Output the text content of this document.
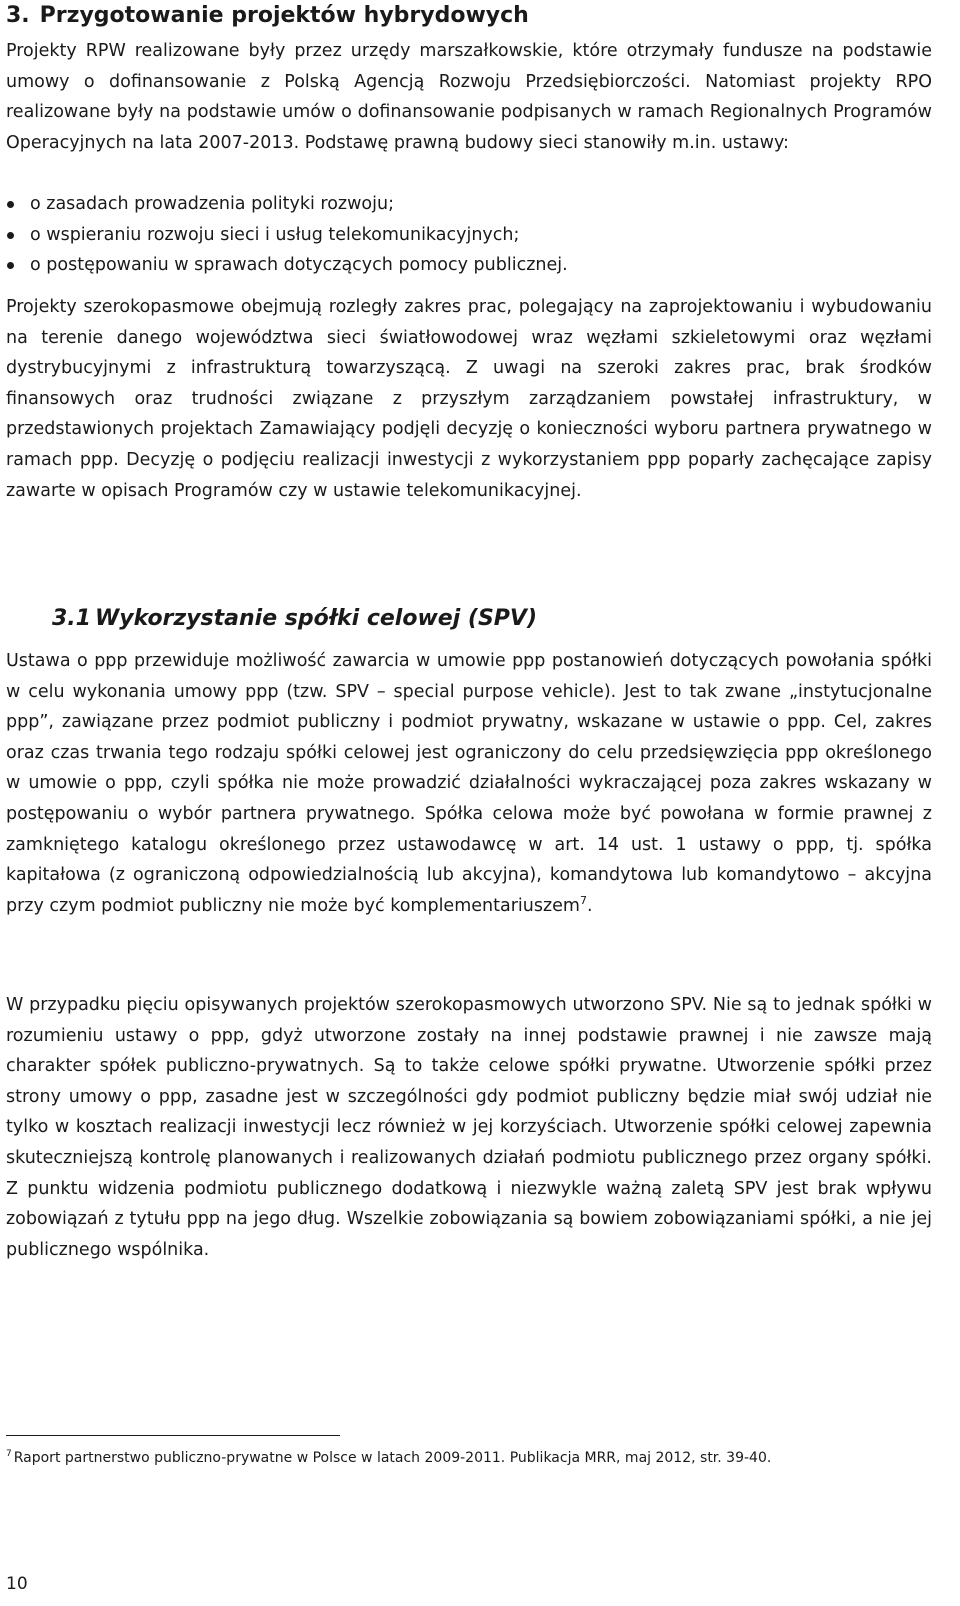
3. Przygotowanie projektów hybrydowych

Projekty RPW realizowane były przez urzędy marszałkowskie, które otrzymały fundusze na podstawie umowy o dofinansowanie z Polską Agencją Rozwoju Przedsiębiorczości. Natomiast projekty RPO realizowane były na podstawie umów o dofinansowanie podpisanych w ramach Regionalnych Programów Operacyjnych na lata 2007-2013. Podstawę prawną budowy sieci stanowiły m.in. ustawy:

o zasadach prowadzenia polityki rozwoju;
o wspieraniu rozwoju sieci i usług telekomunikacyjnych;
o postępowaniu w sprawach dotyczących pomocy publicznej.

Projekty szerokopasmowe obejmują rozległy zakres prac, polegający na zaprojektowaniu i wybudowaniu na terenie danego województwa sieci światłowodowej wraz węzłami szkieletowymi oraz węzłami dystrybucyjnymi z infrastrukturą towarzyszącą. Z uwagi na szeroki zakres prac, brak środków finansowych oraz trudności związane z przyszłym zarządzaniem powstałej infrastruktury, w przedstawionych projektach Zamawiający podjęli decyzję o konieczności wyboru partnera prywatnego w ramach ppp. Decyzję o podjęciu realizacji inwestycji z wykorzystaniem ppp poparły zachęcające zapisy zawarte w opisach Programów czy w ustawie telekomunikacyjnej.

3.1 Wykorzystanie spółki celowej (SPV)

Ustawa o ppp przewiduje możliwość zawarcia w umowie ppp postanowień dotyczących powołania spółki w celu wykonania umowy ppp (tzw. SPV – special purpose vehicle). Jest to tak zwane „instytucjonalne ppp”, zawiązane przez podmiot publiczny i podmiot prywatny, wskazane w ustawie o ppp. Cel, zakres oraz czas trwania tego rodzaju spółki celowej jest ograniczony do celu przedsięwzięcia ppp określonego w umowie o ppp, czyli spółka nie może prowadzić działalności wykraczającej poza zakres wskazany w postępowaniu o wybór partnera prywatnego. Spółka celowa może być powołana w formie prawnej z zamkniętego katalogu określonego przez ustawodawcę w art. 14 ust. 1 ustawy o ppp, tj. spółka kapitałowa (z ograniczoną odpowiedzialnością lub akcyjna), komandytowa lub komandytowo – akcyjna przy czym podmiot publiczny nie może być komplementariuszem$^7$.

W przypadku pięciu opisywanych projektów szerokopasmowych utworzono SPV. Nie są to jednak spółki w rozumieniu ustawy o ppp, gdyż utworzone zostały na innej podstawie prawnej i nie zawsze mają charakter spółek publiczno-prywatnych. Są to także celowe spółki prywatne. Utworzenie spółki przez strony umowy o ppp, zasadne jest w szczególności gdy podmiot publiczny będzie miał swój udział nie tylko w kosztach realizacji inwestycji lecz również w jej korzyściach. Utworzenie spółki celowej zapewnia skuteczniejszą kontrolę planowanych i realizowanych działań podmiotu publicznego przez organy spółki. Z punktu widzenia podmiotu publicznego dodatkową i niezwykle ważną zaletą SPV jest brak wpływu zobowiązań z tytułu ppp na jego dług. Wszelkie zobowiązania są bowiem zobowiązaniami spółki, a nie jej publicznego wspólnika.

$^7$ Raport partnerstwo publiczno-prywatne w Polsce w latach 2009-2011. Publikacja MRR, maj 2012, str. 39-40.
10
